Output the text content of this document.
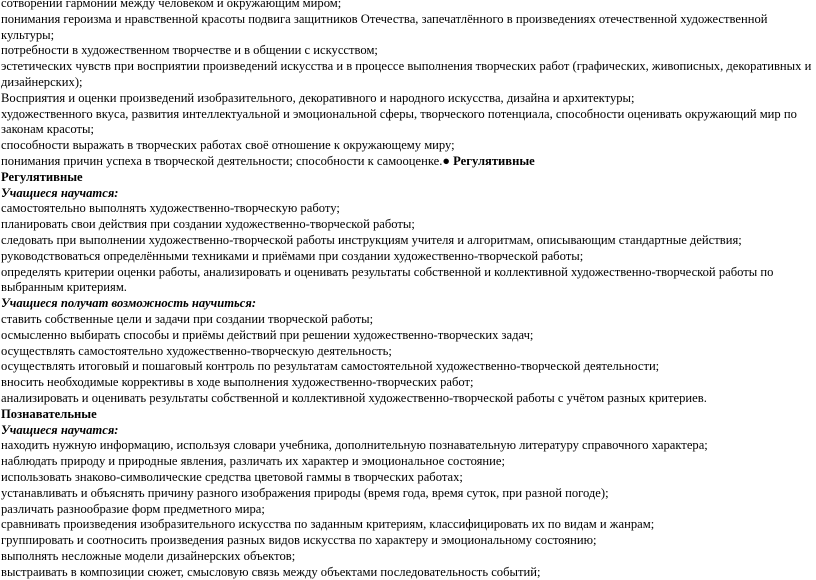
сотворении гармонии между человеком и окружающим миром;

понимания героизма и нравственной красоты подвига защитников Отечества, запечатлённого в произведениях отечественной художественной культуры;

потребности в художественном творчестве и в общении с искусством;

эстетических чувств при восприятии произведений искусства и в процессе выполнения творческих работ (графических, живописных, декоративных и дизайнерских);

Восприятия и оценки произведений изобразительного, декоративного и народного искусства, дизайна и архитектуры;

художественного вкуса, развития интеллектуальной и эмоциональной сферы, творческого потенциала, способности оценивать окружающий мир по законам красоты;

способности выражать в творческих работах своё отношение к окружающему миру;

понимания причин успеха в творческой деятельности; способности к самооценке.● Регулятивные

Регулятивные

Учащиеся научатся:

самостоятельно выполнять художественно-творческую работу;

планировать свои действия при создании художественно-творческой работы;

следовать при выполнении художественно-творческой работы инструкциям учителя и алгоритмам, описывающим стандартные действия;

руководствоваться определёнными техниками и приёмами при создании художественно-творческой работы;

определять критерии оценки работы, анализировать и оценивать результаты собственной и коллективной художественно-творческой работы по выбранным критериям.

Учащиеся получат возможность научиться:

ставить собственные цели и задачи при создании творческой работы;

осмысленно выбирать способы и приёмы действий при решении художественно-творческих задач;

осуществлять самостоятельно художественно-творческую деятельность;

осуществлять итоговый и пошаговый контроль по результатам самостоятельной художественно-творческой деятельности;

вносить необходимые коррективы в ходе выполнения художественно-творческих работ;

анализировать и оценивать результаты собственной и коллективной художественно-творческой работы с учётом разных критериев.

Познавательные

Учащиеся научатся:

находить нужную информацию, используя словари учебника, дополнительную познавательную литературу справочного характера;

наблюдать природу и природные явления, различать их характер и эмоциональное состояние;

использовать знаково-символические средства цветовой гаммы в творческих работах;

устанавливать и объяснять причину разного изображения природы (время года, время суток, при разной погоде);

различать разнообразие форм предметного мира;

сравнивать произведения изобразительного искусства по заданным критериям, классифицировать их по видам и жанрам;

группировать и соотносить произведения разных видов искусства по характеру и эмоциональному состоянию;

выполнять несложные модели дизайнерских объектов;

выстраивать в композиции сюжет, смысловую связь между объектами последовательность событий;
